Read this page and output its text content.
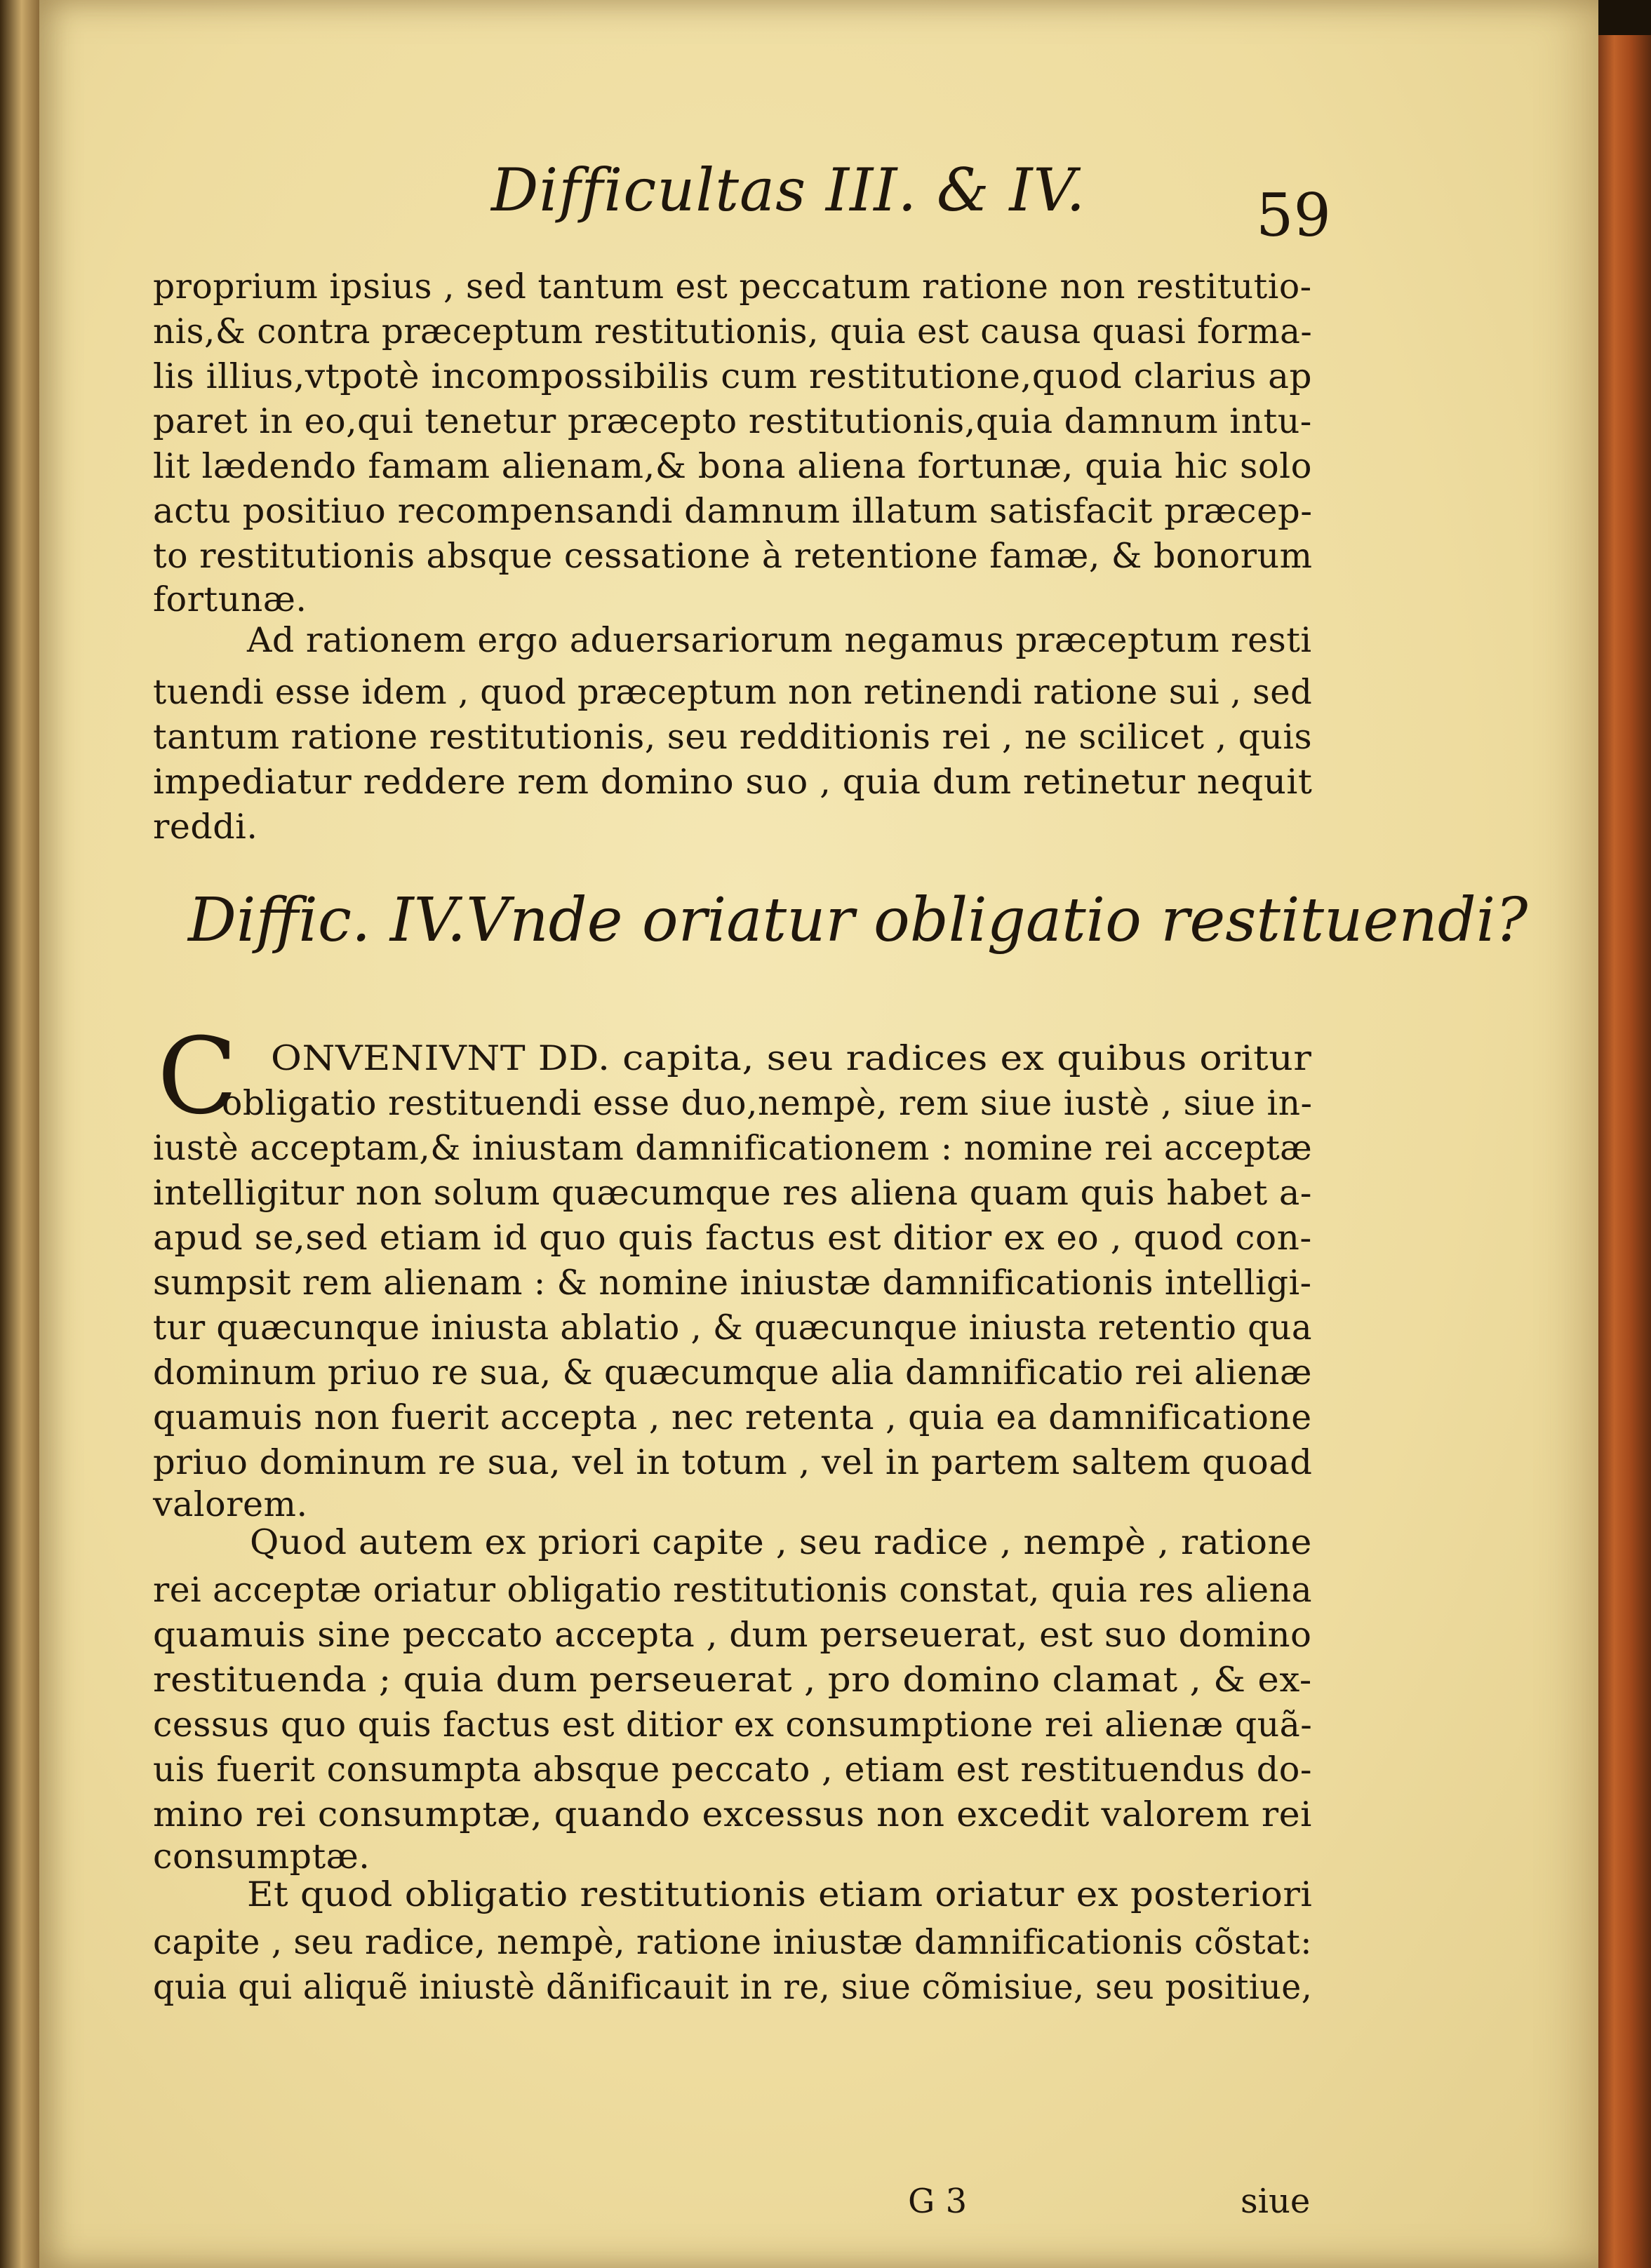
Difficultas III. & IV.	59
proprium ipsius , sed tantum est peccatum ratione non restitutio-
nis,& contra præceptum restitutionis, quia est causa quasi forma-
lis illius,vtpotè incompossibilis cum restitutione,quod clarius ap
paret in eo,qui tenetur præcepto restitutionis,quia damnum intu-
lit lædendo famam alienam,& bona aliena fortunæ, quia hic solo
actu positiuo recompensandi damnum illatum satisfacit præcep-
to restitutionis absque cessatione à retentione famæ, & bonorum
fortunæ.
Ad rationem ergo aduersariorum negamus præceptum resti
tuendi esse idem , quod præceptum non retinendi ratione sui , sed
tantum ratione restitutionis, seu redditionis rei , ne scilicet , quis
impediatur reddere rem domino suo , quia dum retinetur nequit
reddi.
Diffic. IV.Vnde oriatur obligatio restituendi?
C ONVENIVNT DD. capita, seu radices ex quibus oritur
obligatio restituendi esse duo,nempè, rem siue iustè , siue in-
iustè acceptam,& iniustam damnificationem : nomine rei acceptæ
intelligitur non solum quæcumque res aliena quam quis habet a-
apud se,sed etiam id quo quis factus est ditior ex eo , quod con-
sumpsit rem alienam : & nomine iniustæ damnificationis intelligi-
tur quæcunque iniusta ablatio , & quæcunque iniusta retentio qua
dominum priuo re sua, & quæcumque alia damnificatio rei alienæ
quamuis non fuerit accepta , nec retenta , quia ea damnificatione
priuo dominum re sua, vel in totum , vel in partem saltem quoad
valorem.
Quod autem ex priori capite , seu radice , nempè , ratione
rei acceptæ oriatur obligatio restitutionis constat, quia res aliena
quamuis sine peccato accepta , dum perseuerat, est suo domino
restituenda ; quia dum perseuerat , pro domino clamat , & ex-
cessus quo quis factus est ditior ex consumptione rei alienæ quã-
uis fuerit consumpta absque peccato , etiam est restituendus do-
mino rei consumptæ, quando excessus non excedit valorem rei
consumptæ.
Et quod obligatio restitutionis etiam oriatur ex posteriori
capite , seu radice, nempè, ratione iniustæ damnificationis cõstat:
quia qui aliquẽ iniustè dãnificauit in re, siue cõmisiue, seu positiue,
G 3	siue
